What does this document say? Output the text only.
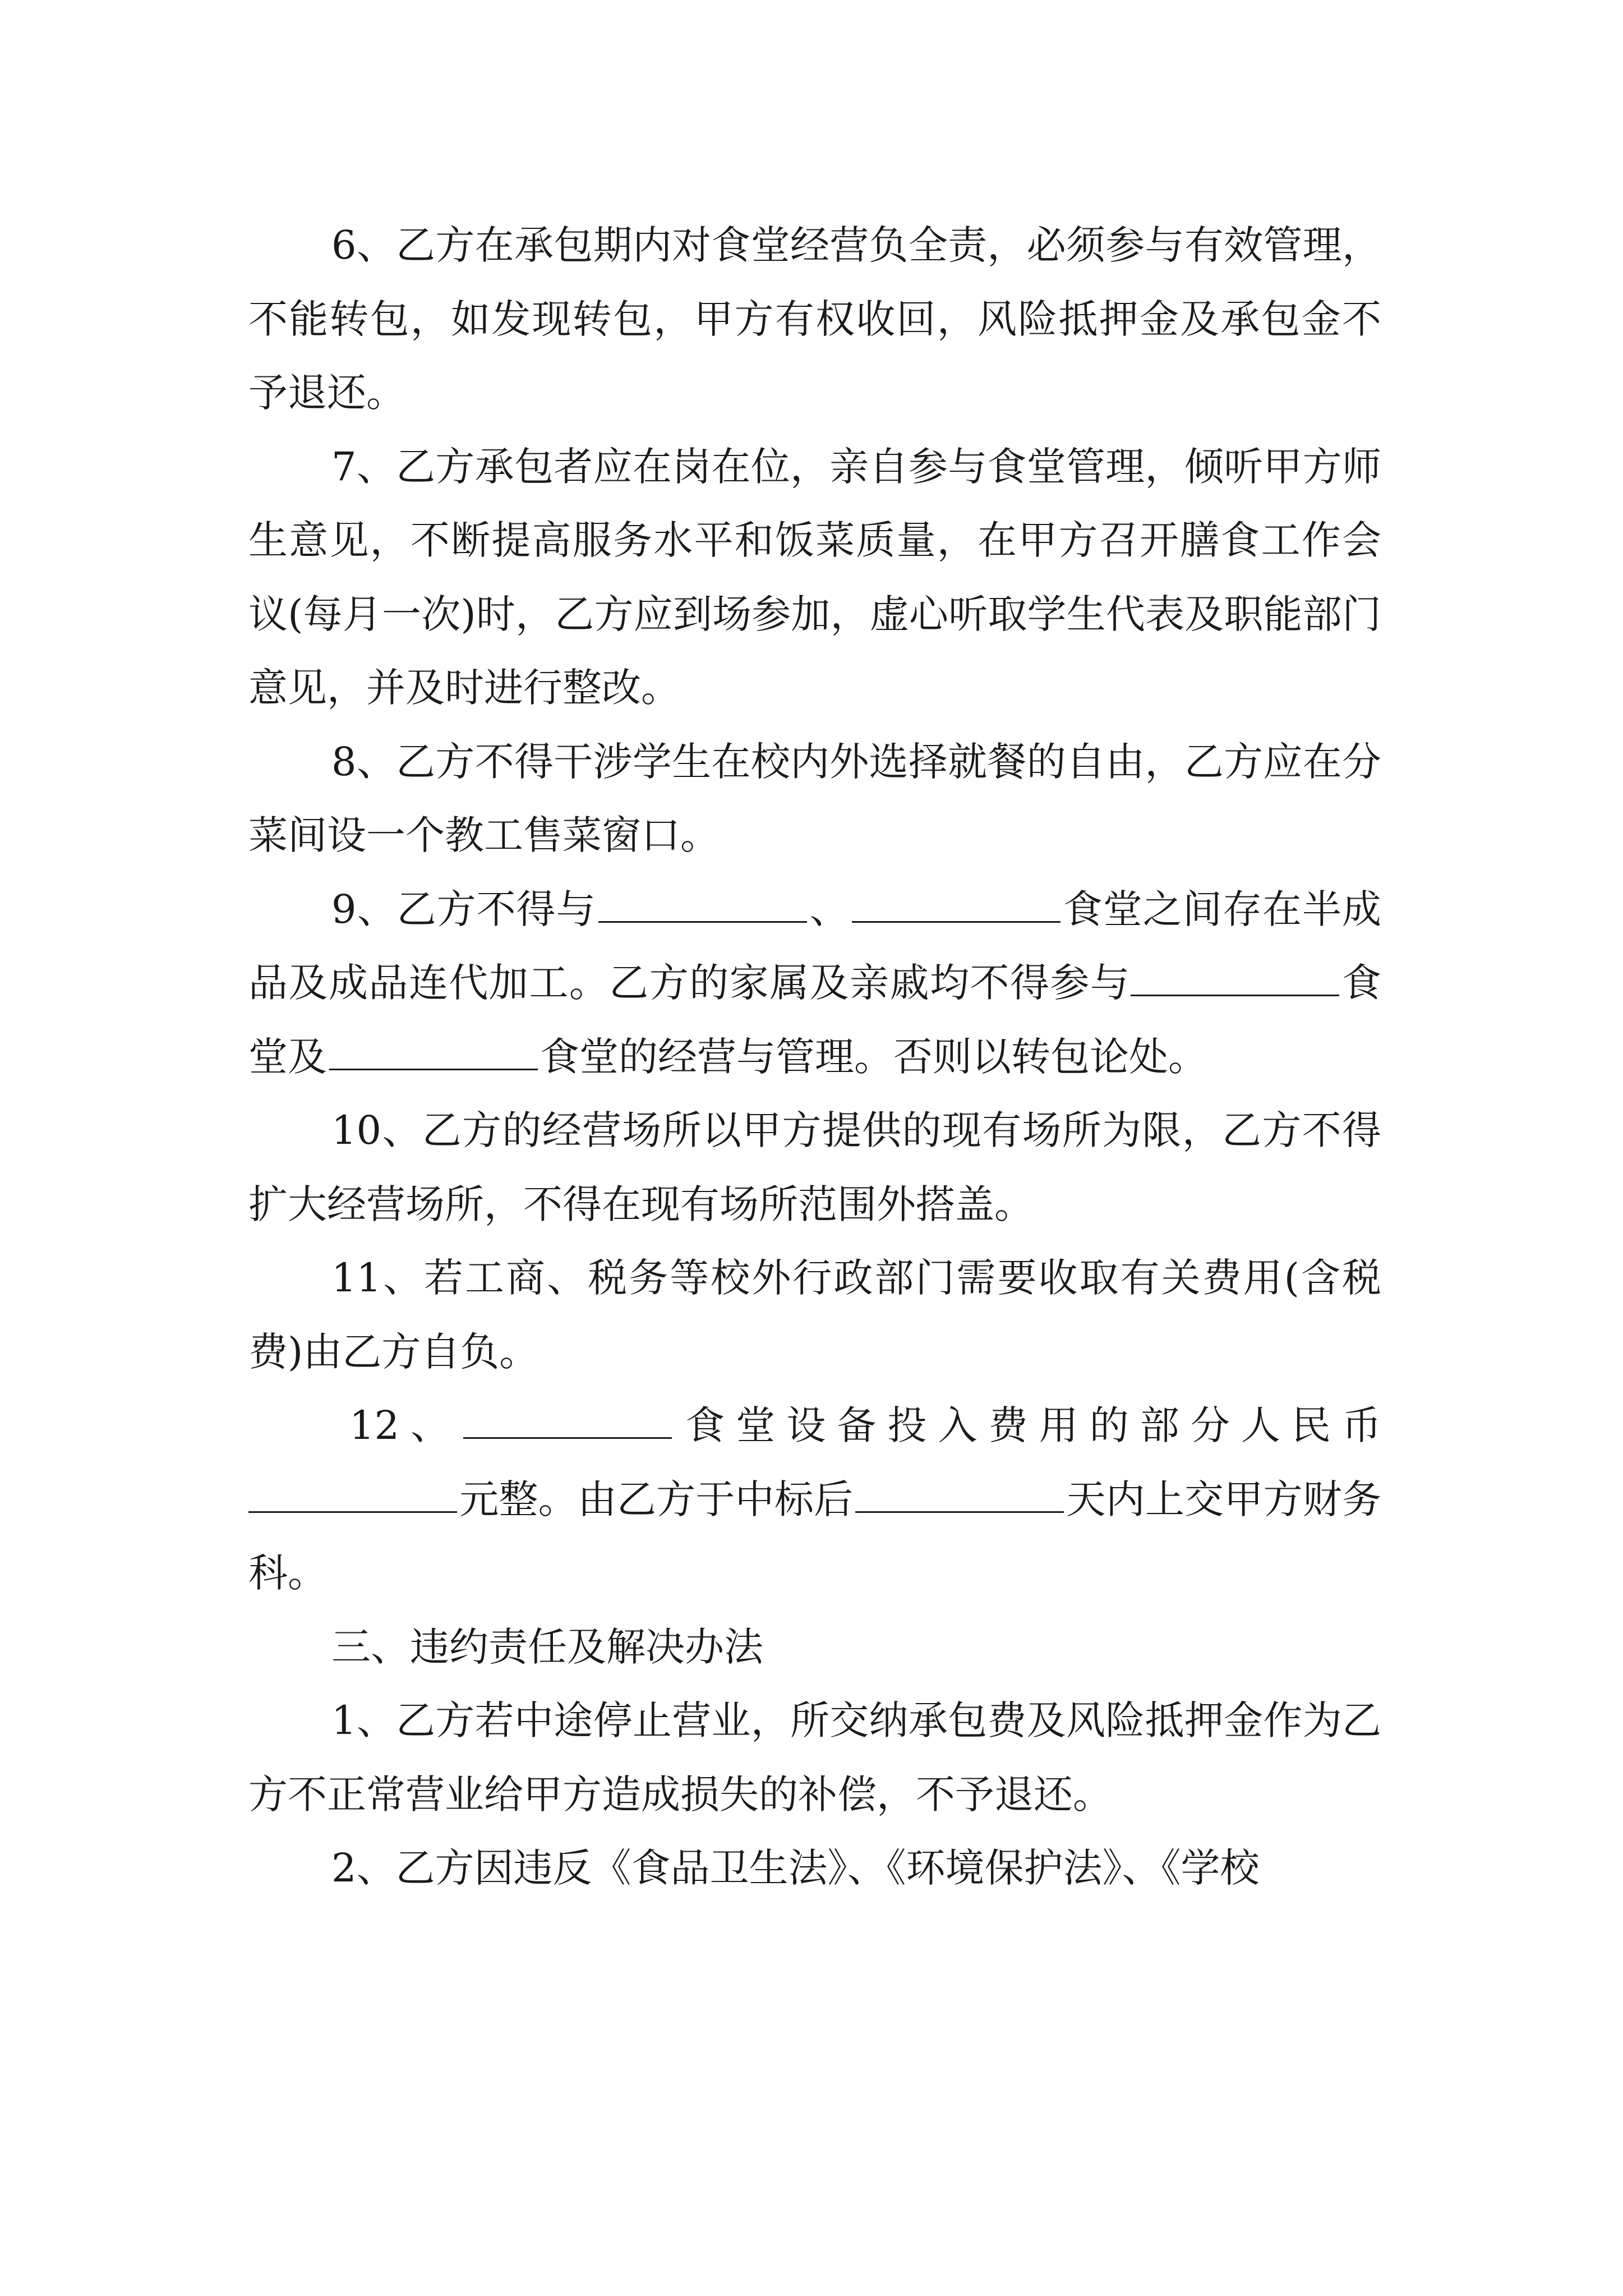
6、乙方在承包期内对食堂经营负全责，必须参与有效管理，不能转包，如发现转包，甲方有权收回，风险抵押金及承包金不予退还。

7、乙方承包者应在岗在位，亲自参与食堂管理，倾听甲方师生意见，不断提高服务水平和饭菜质量，在甲方召开膳食工作会议(每月一次)时，乙方应到场参加，虚心听取学生代表及职能部门意见，并及时进行整改。

8、乙方不得干涉学生在校内外选择就餐的自由，乙方应在分菜间设一个教工售菜窗口。

9、乙方不得与	、	食堂之间存在半成品及成品连代加工。乙方的家属及亲戚均不得参与	食堂及	食堂的经营与管理。否则以转包论处。

10、乙方的经营场所以甲方提供的现有场所为限，乙方不得扩大经营场所，不得在现有场所范围外搭盖。

11、若工商、税务等校外行政部门需要收取有关费用(含税费)由乙方自负。

12、	食堂设备投入费用的部分人民币元整。由乙方于中标后	天内上交甲方财务科。

三、违约责任及解决办法

1、乙方若中途停止营业，所交纳承包费及风险抵押金作为乙方不正常营业给甲方造成损失的补偿，不予退还。

2、乙方因违反《食品卫生法》、《环境保护法》、《学校
